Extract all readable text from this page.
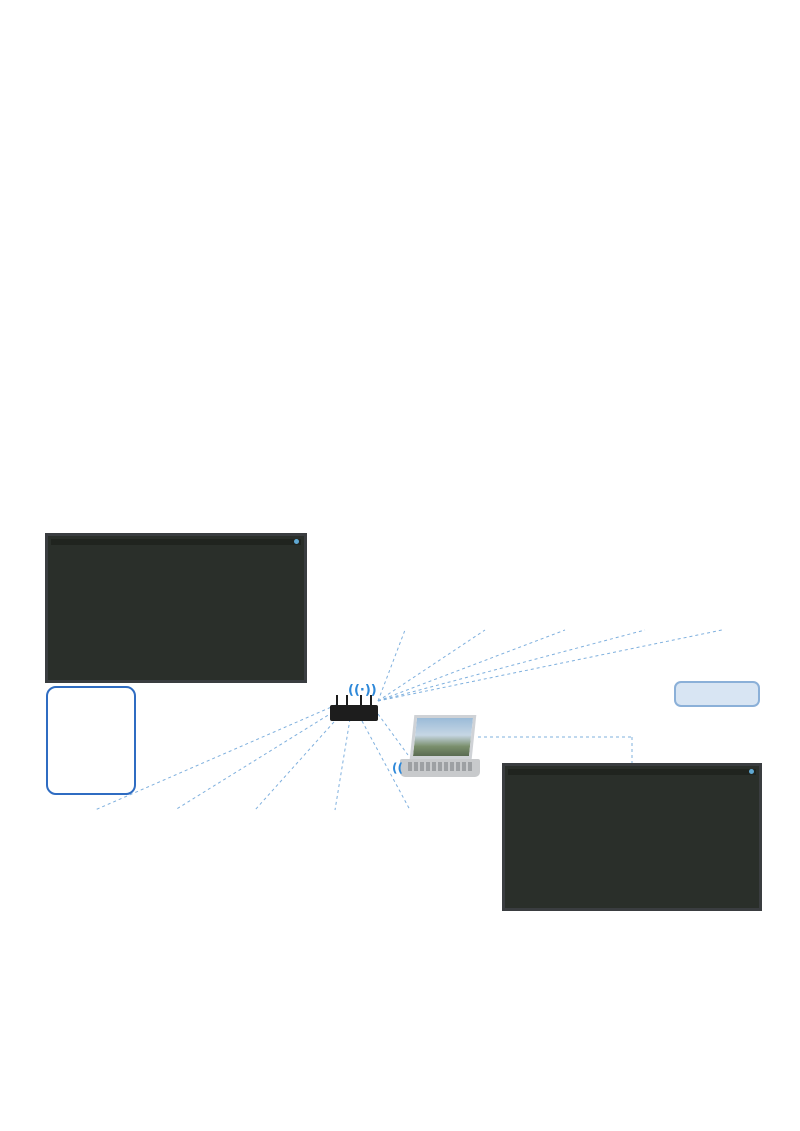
((·))
((
